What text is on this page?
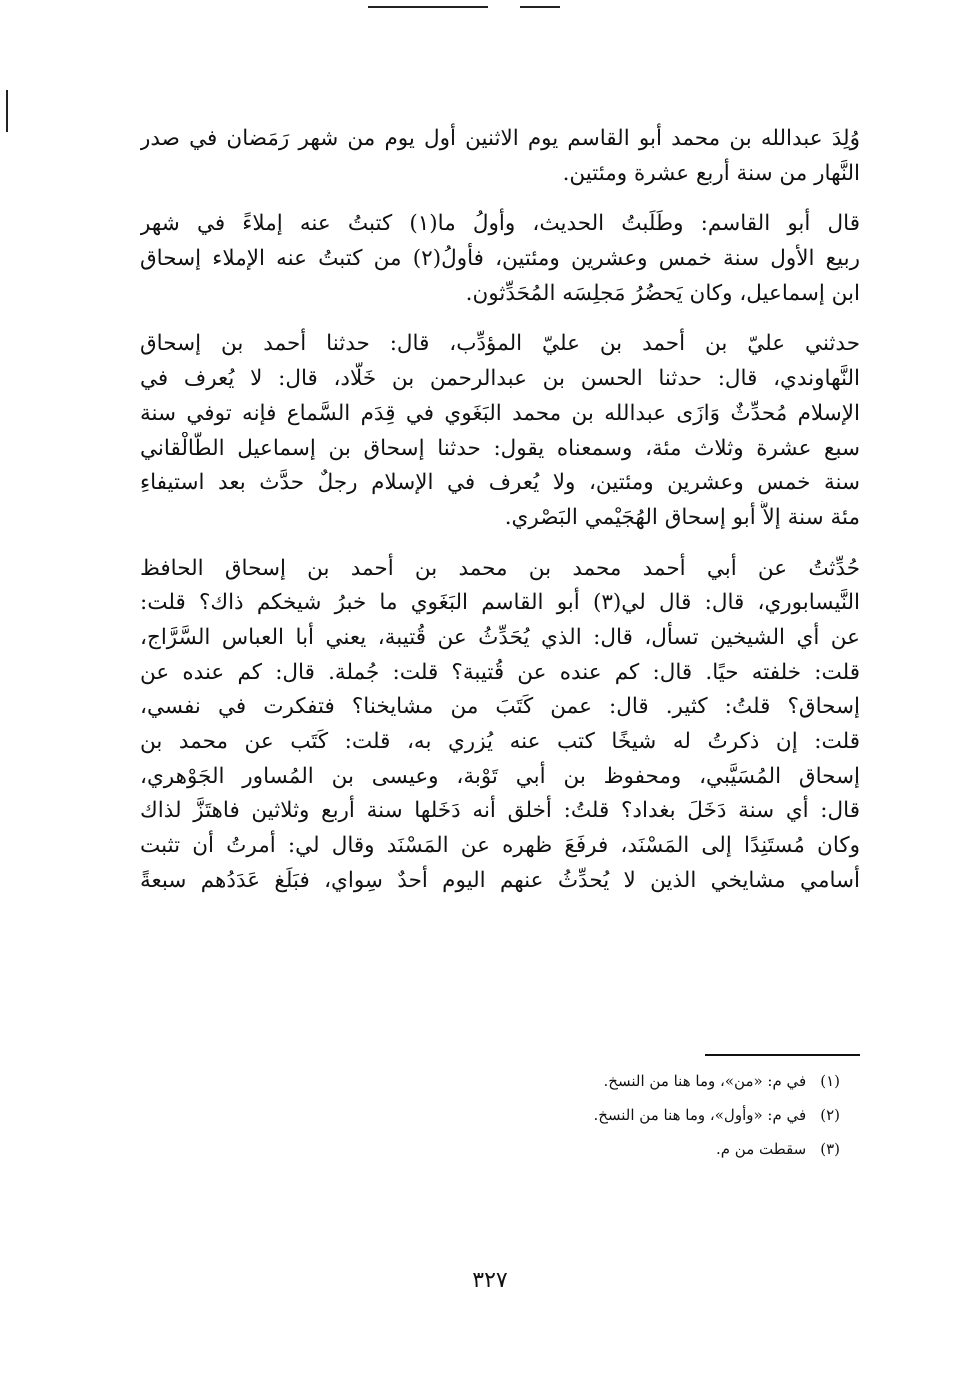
وُلِدَ عبدالله بن محمد أبو القاسم يوم الاثنين أول يوم من شهر رَمَضان في صدر
النَّهار من سنة أربع عشرة ومئتين.
قال أبو القاسم: وطَلَبتُ الحديث، وأولُ ما(١) كتبتُ عنه إملاءً في شهر
ربيع الأول سنة خمس وعشرين ومئتين، فأولُ(٢) من كتبتُ عنه الإملاء إسحاق
ابن إسماعيل، وكان يَحضُرُ مَجلِسَه المُحَدِّثون.
حدثني عليّ بن أحمد بن عليّ المؤدِّب، قال: حدثنا أحمد بن إسحاق
النَّهاوندي، قال: حدثنا الحسن بن عبدالرحمن بن خَلَّاد، قال: لا يُعرف في
الإسلام مُحدِّثٌ وَازَى عبدالله بن محمد البَغَوي في قِدَم السَّماع فإنه توفي سنة
سبع عشرة وثلاث مئة، وسمعناه يقول: حدثنا إسحاق بن إسماعيل الطَّالْقاني
سنة خمس وعشرين ومئتين، ولا يُعرف في الإسلام رجلٌ حدَّث بعد استيفاءِ
مئة سنة إلاَّ أبو إسحاق الهُجَيْمي البَصْري.
حُدِّثتُ عن أبي أحمد محمد بن محمد بن أحمد بن إسحاق الحافظ
النَّيسابوري، قال: قال لي(٣) أبو القاسم البَغَوي ما خبرُ شيخكم ذاك؟ قلت:
عن أي الشيخين تسأل، قال: الذي يُحَدِّثُ عن قُتيبة، يعني أبا العباس السَّرَّاج،
قلت: خلفته حيًا. قال: كم عنده عن قُتيبة؟ قلت: جُملة. قال: كم عنده عن
إسحاق؟ قلتُ: كثير. قال: عمن كَتَبَ من مشايخنا؟ فتفكرت في نفسي،
قلت: إن ذكرتُ له شيخًا كتب عنه يُزري به، قلت: كَتَب عن محمد بن
إسحاق المُسَيَّبي، ومحفوظ بن أبي تَوْبة، وعيسى بن المُساور الجَوْهري،
قال: أي سنة دَخَلَ بغداد؟ قلتُ: أخلق أنه دَخَلها سنة أربع وثلاثين فاهتَزَّ لذاك
وكان مُستَنِدًا إلى المَسْنَد، فرفَعَ ظهره عن المَسْنَد وقال لي: أمرتُ أن تثبت
أسامي مشايخي الذين لا يُحدِّثُ عنهم اليوم أحدٌ سِواي، فبَلَغ عَدَدُهم سبعةً
(١)في م: «من»، وما هنا من النسخ.
(٢)في م: «وأول»، وما هنا من النسخ.
(٣)سقطت من م.
٣٢٧
